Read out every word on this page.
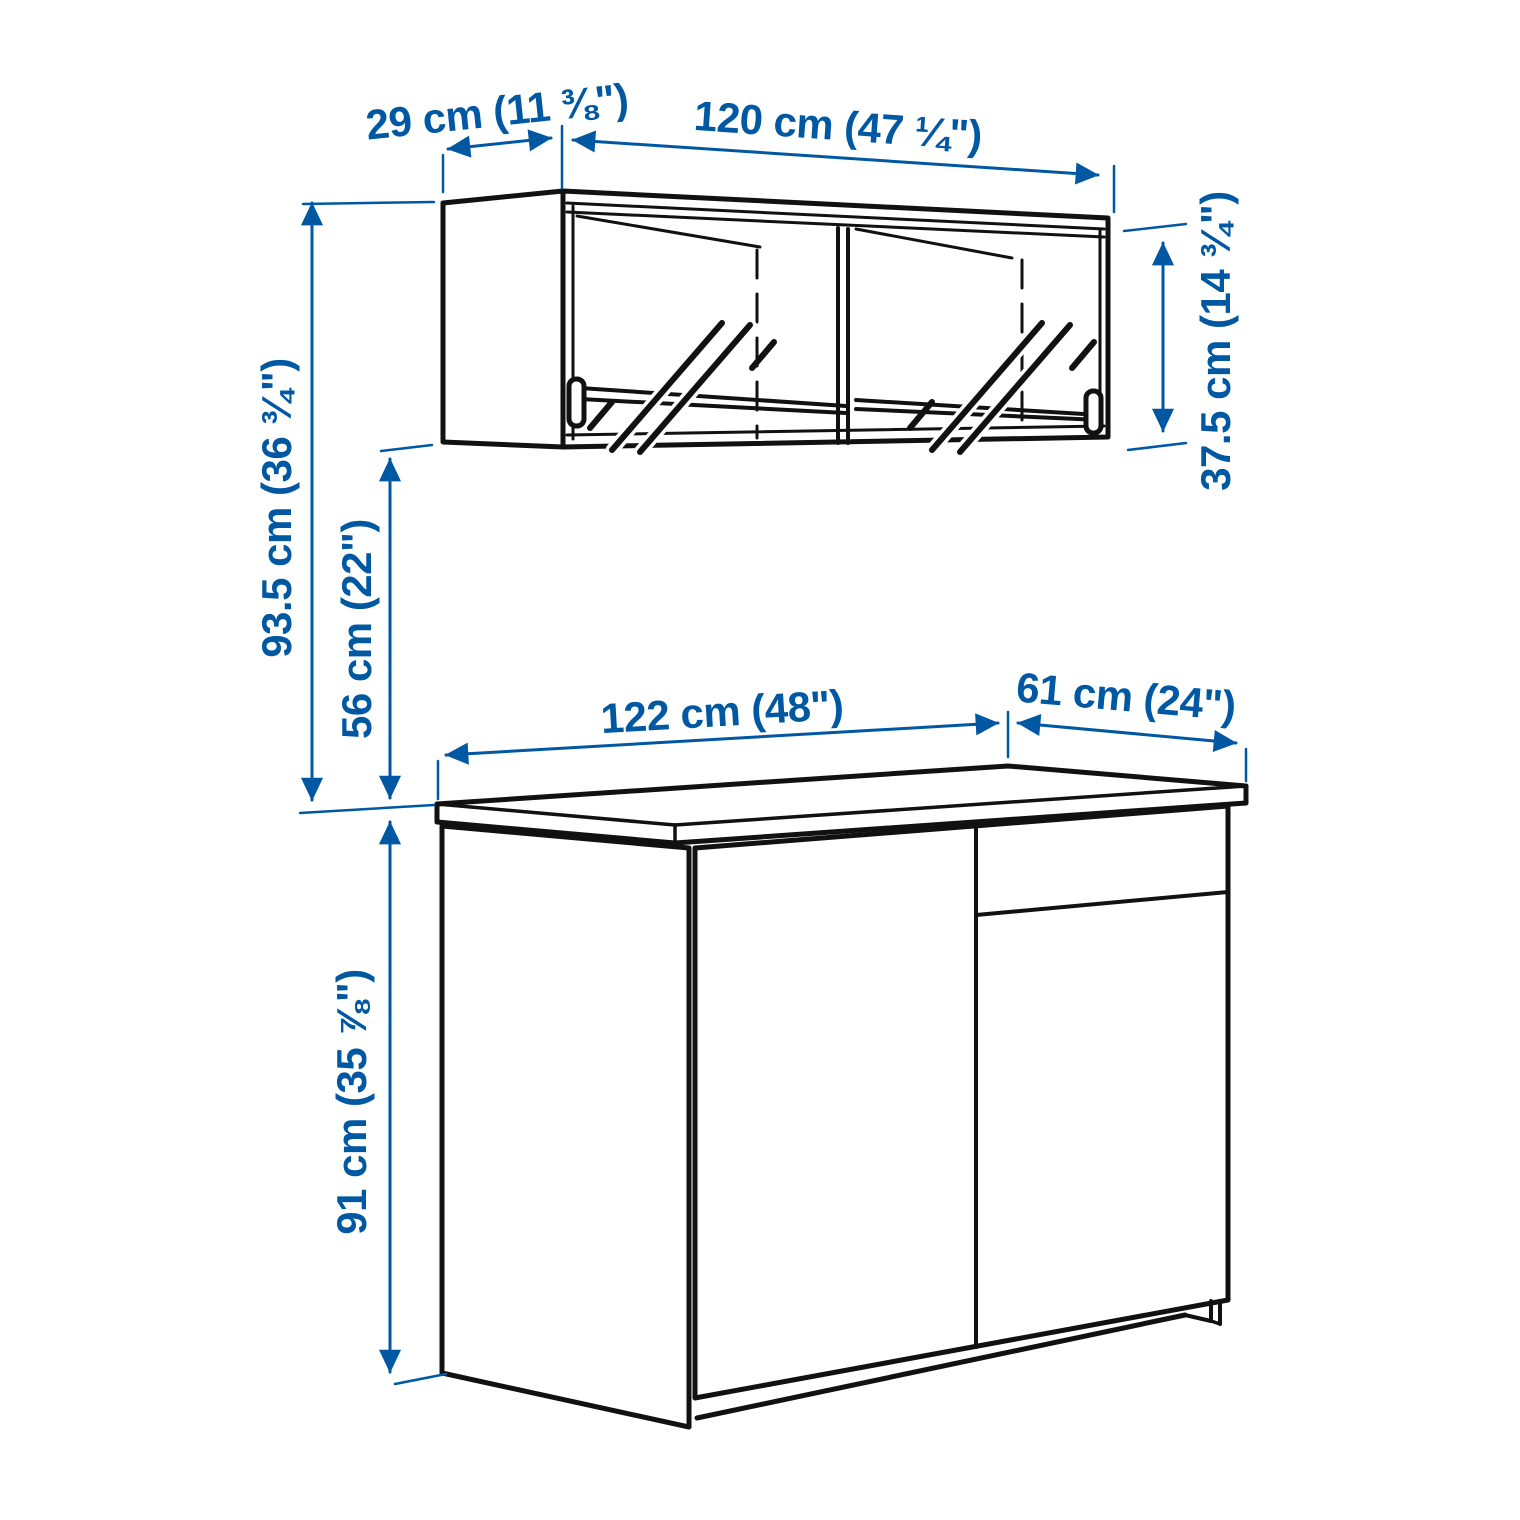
29 cm (11 ⅜") 120 cm (47 ¼")
37.5 cm (14 ¾")
93.5 cm (36 ¾") 56 cm (22")	122 cm (48")	61 cm (24")
91 cm (35 ⅞")
